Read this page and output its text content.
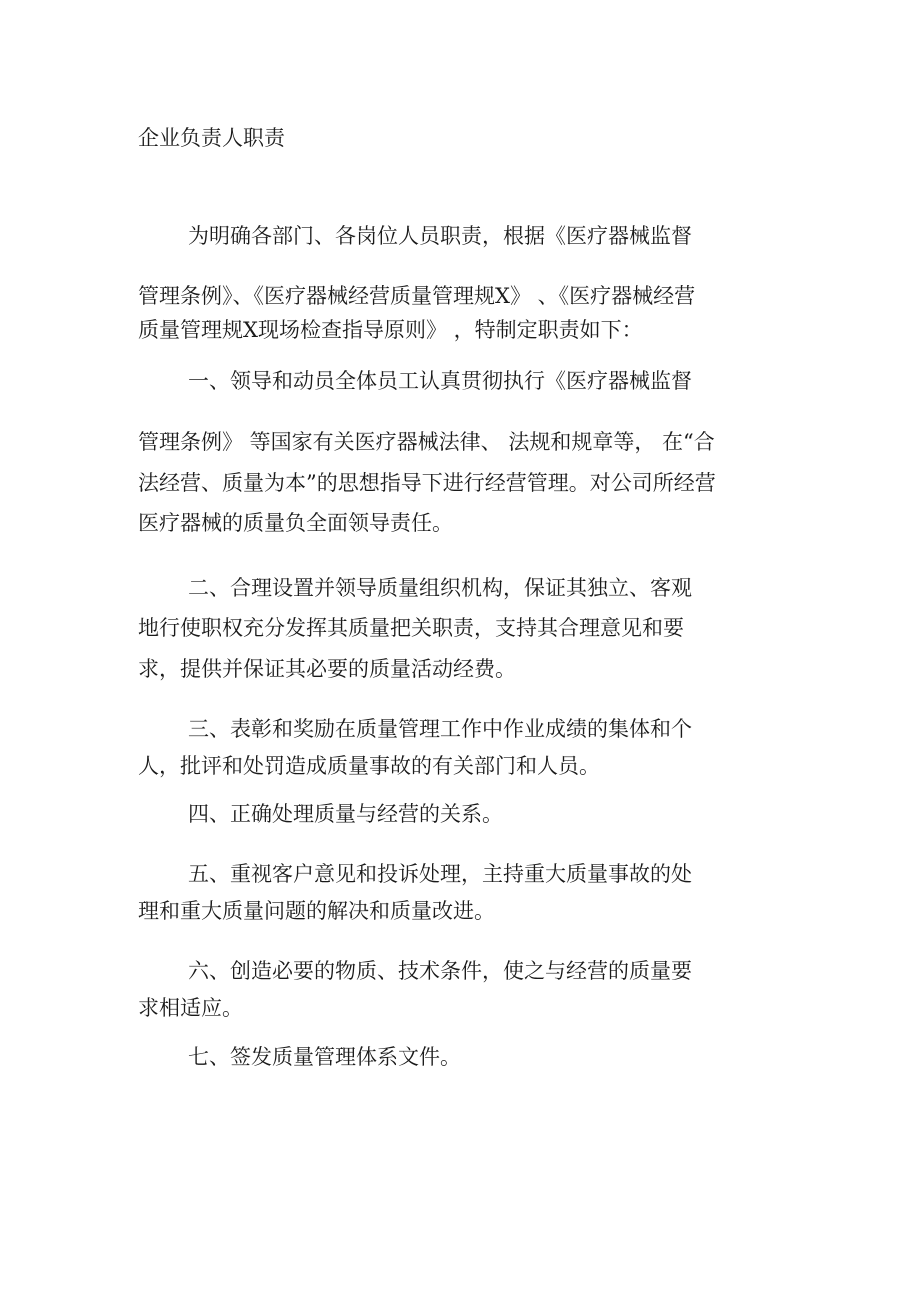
企业负责人职责
为明确各部门、各岗位人员职责，根据《医疗器械监督
管理条例》、《医疗器械经营质量管理规X》 、《医疗器械经营
质量管理规X现场检查指导原则》 ，特制定职责如下：
一、领导和动员全体员工认真贯彻执行《医疗器械监督
管理条例》 等国家有关医疗器械法律、 法规和规章等， 在“合
法经营、质量为本”的思想指导下进行经营管理。对公司所经营
医疗器械的质量负全面领导责任。
二、合理设置并领导质量组织机构，保证其独立、客观
地行使职权充分发挥其质量把关职责，支持其合理意见和要
求，提供并保证其必要的质量活动经费。
三、表彰和奖励在质量管理工作中作业成绩的集体和个
人，批评和处罚造成质量事故的有关部门和人员。
四、正确处理质量与经营的关系。
五、重视客户意见和投诉处理，主持重大质量事故的处
理和重大质量问题的解决和质量改进。
六、创造必要的物质、技术条件，使之与经营的质量要
求相适应。
七、签发质量管理体系文件。
